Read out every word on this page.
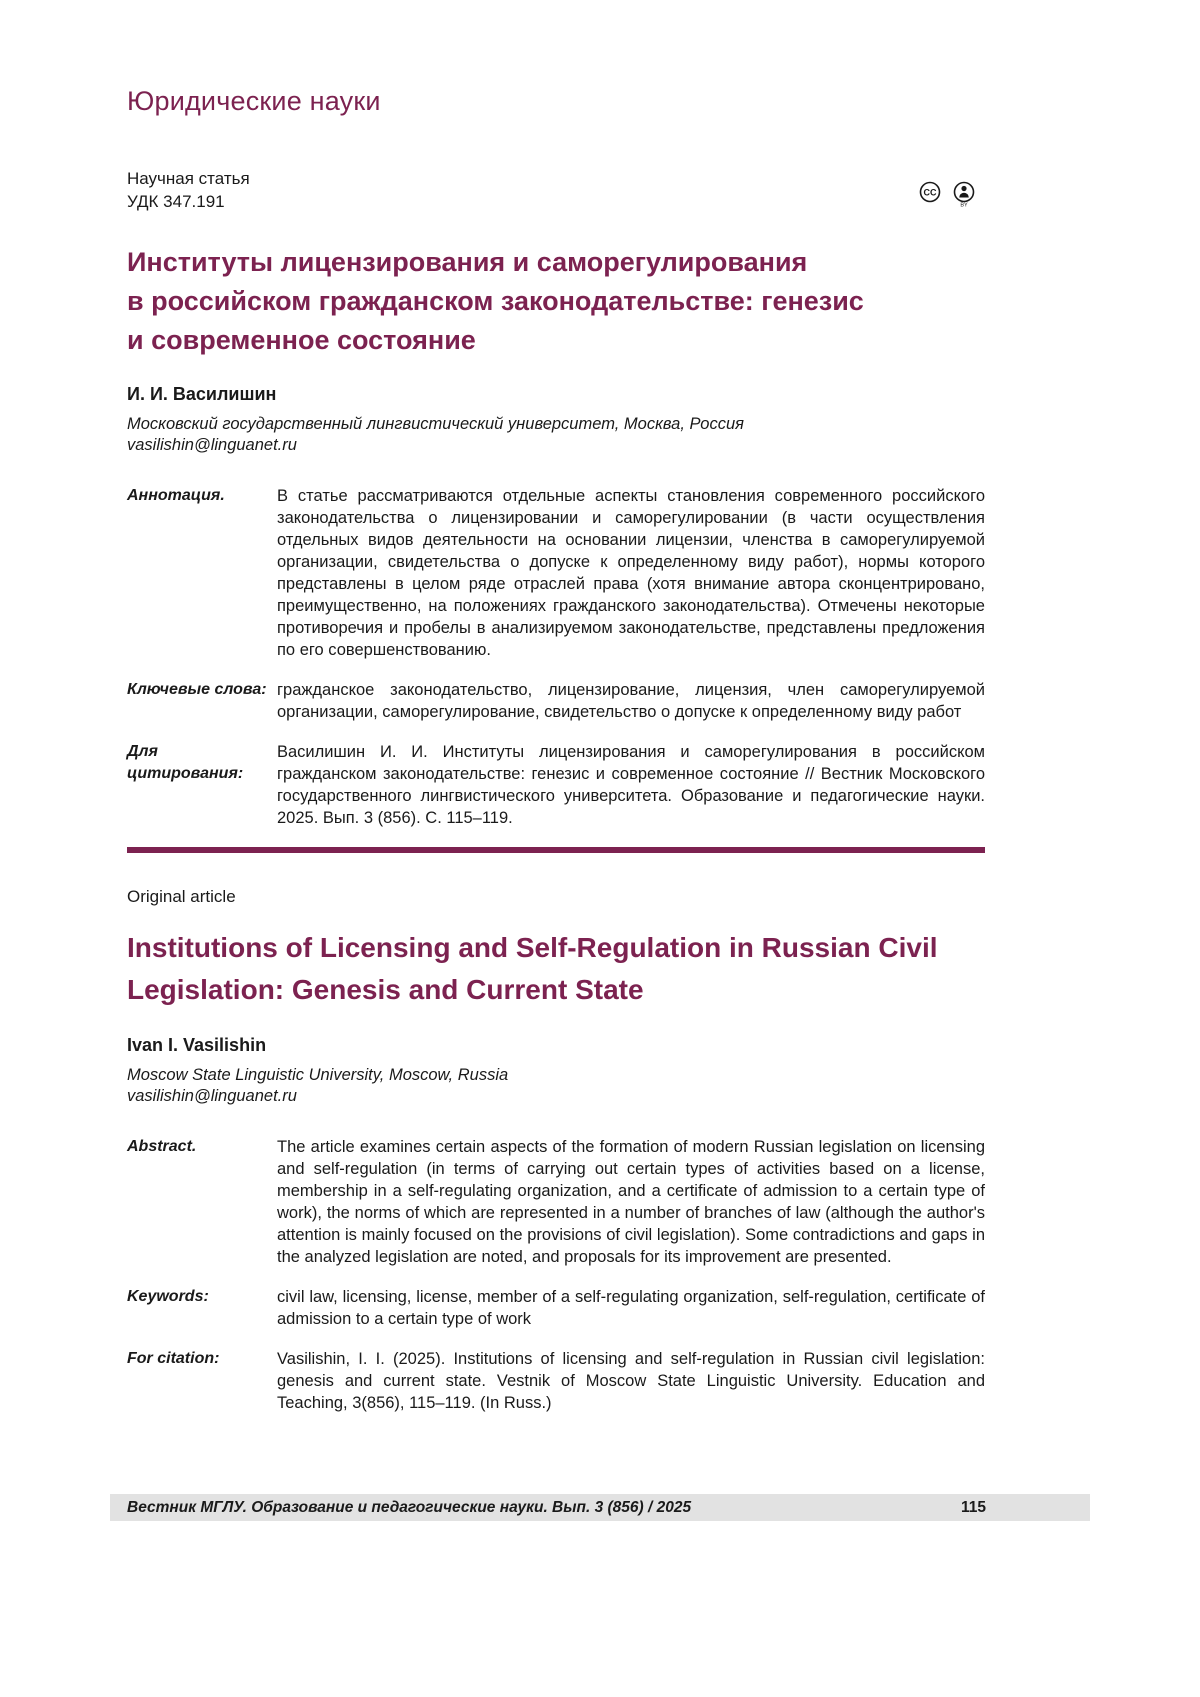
Юридические науки
Научная статья
УДК 347.191	CC
BY
Институты лицензирования и саморегулирования
в российском гражданском законодательстве: генезис
и современное состояние
И. И. Василишин
Московский государственный лингвистический университет, Москва, Россия
vasilishin@linguanet.ru
Аннотация.	В статье рассматриваются отдельные аспекты становления современного российского законодательства о лицензировании и саморегулировании (в части осуществления отдельных видов деятельности на основании лицензии, членства в саморегулируемой организации, свидетельства о допуске к определенному виду работ), нормы которого представлены в целом ряде отраслей права (хотя внимание автора сконцентрировано, преимущественно, на положениях гражданского законодательства). Отмечены некоторые противоречия и пробелы в анализируемом законодательстве, представлены предложения по его совершенствованию.
Ключевые слова: гражданское законодательство, лицензирование, лицензия, член саморегулируемой организации, саморегулирование, свидетельство о допуске к определенному виду работ
Для цитирования:
Василишин И. И. Институты лицензирования и саморегулирования в российском гражданском законодательстве: генезис и современное состояние // Вестник Московского государственного лингвистического университета. Образование и педагогические науки. 2025. Вып. 3 (856). С. 115–119.
Original article
Institutions of Licensing and Self-Regulation in Russian Civil
Legislation: Genesis and Current State
Ivan I. Vasilishin
Moscow State Linguistic University, Moscow, Russia
vasilishin@linguanet.ru
Abstract.	The article examines certain aspects of the formation of modern Russian legislation on licensing and self-regulation (in terms of carrying out certain types of activities based on a license, membership in a self-regulating organization, and a certificate of admission to a certain type of work), the norms of which are represented in a number of branches of law (although the author's attention is mainly focused on the provisions of civil legislation). Some contradictions and gaps in the analyzed legislation are noted, and proposals for its improvement are presented.
Keywords:	civil law, licensing, license, member of a self-regulating organization, self-regulation, certificate of admission to a certain type of work
For citation:	Vasilishin, I. I. (2025). Institutions of licensing and self-regulation in Russian civil legislation: genesis and current state. Vestnik of Moscow State Linguistic University. Education and Teaching, 3(856), 115–119. (In Russ.)
Вестник МГЛУ. Образование и педагогические науки. Вып. 3 (856) / 2025	115
